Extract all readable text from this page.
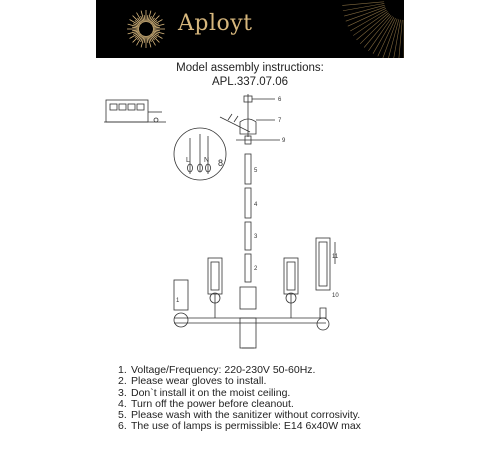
Aployt
Model assembly instructions:
APL.337.07.06
6
7
9
5
4
3
2
1
11
10
8
L N
1. Voltage/Frequency: 220-230V 50-60Hz.
2. Please wear gloves to install.
3. Don`t install it on the moist ceiling.
4. Turn off the power before cleanout.
5. Please wash with the sanitizer without corrosivity.
6. The use of lamps is permissible: E14 6x40W max
